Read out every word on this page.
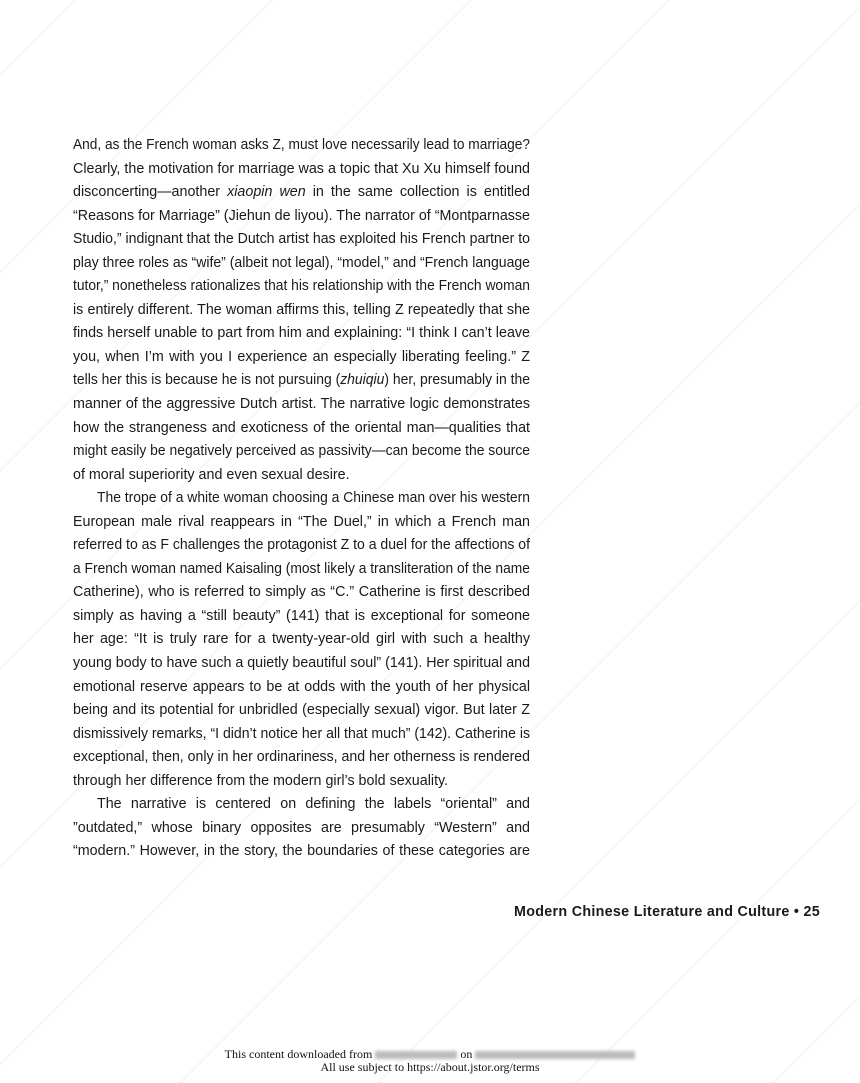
And, as the French woman asks Z, must love necessarily lead to marriage?
Clearly, the motivation for marriage was a topic that Xu Xu himself found
disconcerting—another xiaopin wen in the same collection is entitled
“Reasons for Marriage” (Jiehun de liyou). The narrator of “Montparnasse
Studio,” indignant that the Dutch artist has exploited his French partner to
play three roles as “wife” (albeit not legal), “model,” and “French language
tutor,” nonetheless rationalizes that his relationship with the French woman
is entirely different. The woman affirms this, telling Z repeatedly that she
finds herself unable to part from him and explaining: “I think I can’t leave
you, when I’m with you I experience an especially liberating feeling.” Z
tells her this is because he is not pursuing (zhuiqiu) her, presumably in the
manner of the aggressive Dutch artist. The narrative logic demonstrates
how the strangeness and exoticness of the oriental man—qualities that
might easily be negatively perceived as passivity—can become the source
of moral superiority and even sexual desire.
The trope of a white woman choosing a Chinese man over his western
European male rival reappears in “The Duel,” in which a French man
referred to as F challenges the protagonist Z to a duel for the affections of
a French woman named Kaisaling (most likely a transliteration of the name
Catherine), who is referred to simply as “C.” Catherine is first described
simply as having a “still beauty” (141) that is exceptional for someone
her age: “It is truly rare for a twenty-year-old girl with such a healthy
young body to have such a quietly beautiful soul” (141). Her spiritual and
emotional reserve appears to be at odds with the youth of her physical
being and its potential for unbridled (especially sexual) vigor. But later Z
dismissively remarks, “I didn’t notice her all that much” (142). Catherine is
exceptional, then, only in her ordinariness, and her otherness is rendered
through her difference from the modern girl’s bold sexuality.
The narrative is centered on defining the labels “oriental” and
”outdated,” whose binary opposites are presumably “Western” and
“modern.” However, in the story, the boundaries of these categories are
Modern Chinese Literature and Culture • 25
This content downloaded from	on
All use subject to https://about.jstor.org/terms
